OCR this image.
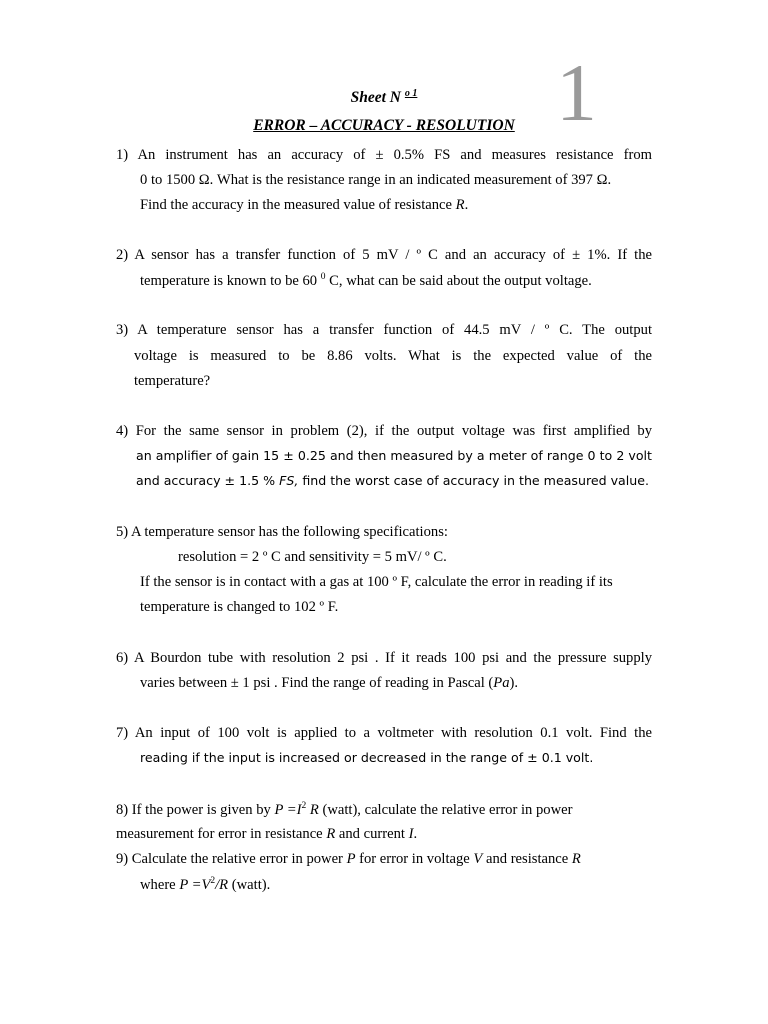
1
Sheet N $^{o 1}$
ERROR – ACCURACY - RESOLUTION
1) An instrument has an accuracy of ± 0.5% FS and measures resistance from
0 to 1500 Ω. What is the resistance range in an indicated measurement of 397 Ω.
Find the accuracy in the measured value of resistance R.
2) A sensor has a transfer function of 5 mV / º C and an accuracy of ± 1%. If the
temperature is known to be 60 $^0$ C, what can be said about the output voltage.
3) A temperature sensor has a transfer function of 44.5 mV / º C. The output
voltage is measured to be 8.86 volts. What is the expected value of the
temperature?
4) For the same sensor in problem (2), if the output voltage was first amplified by
an amplifier of gain 15 ± 0.25 and then measured by a meter of range 0 to 2 volt
and accuracy ± 1.5 % FS, find the worst case of accuracy in the measured value.
5) A temperature sensor has the following specifications:
resolution = 2 º C and sensitivity = 5 mV/ º C.
If the sensor is in contact with a gas at 100 º F, calculate the error in reading if its
temperature is changed to 102 º F.
6) A Bourdon tube with resolution 2 psi . If it reads 100 psi and the pressure supply
varies between ± 1 psi . Find the range of reading in Pascal (Pa).
7) An input of 100 volt is applied to a voltmeter with resolution 0.1 volt. Find the
reading if the input is increased or decreased in the range of ± 0.1 volt.
8) If the power is given by $P =I^2$ R (watt), calculate the relative error in power
measurement for error in resistance R and current I.
9) Calculate the relative error in power P for error in voltage V and resistance R
where $P =V^2/R$ (watt).
